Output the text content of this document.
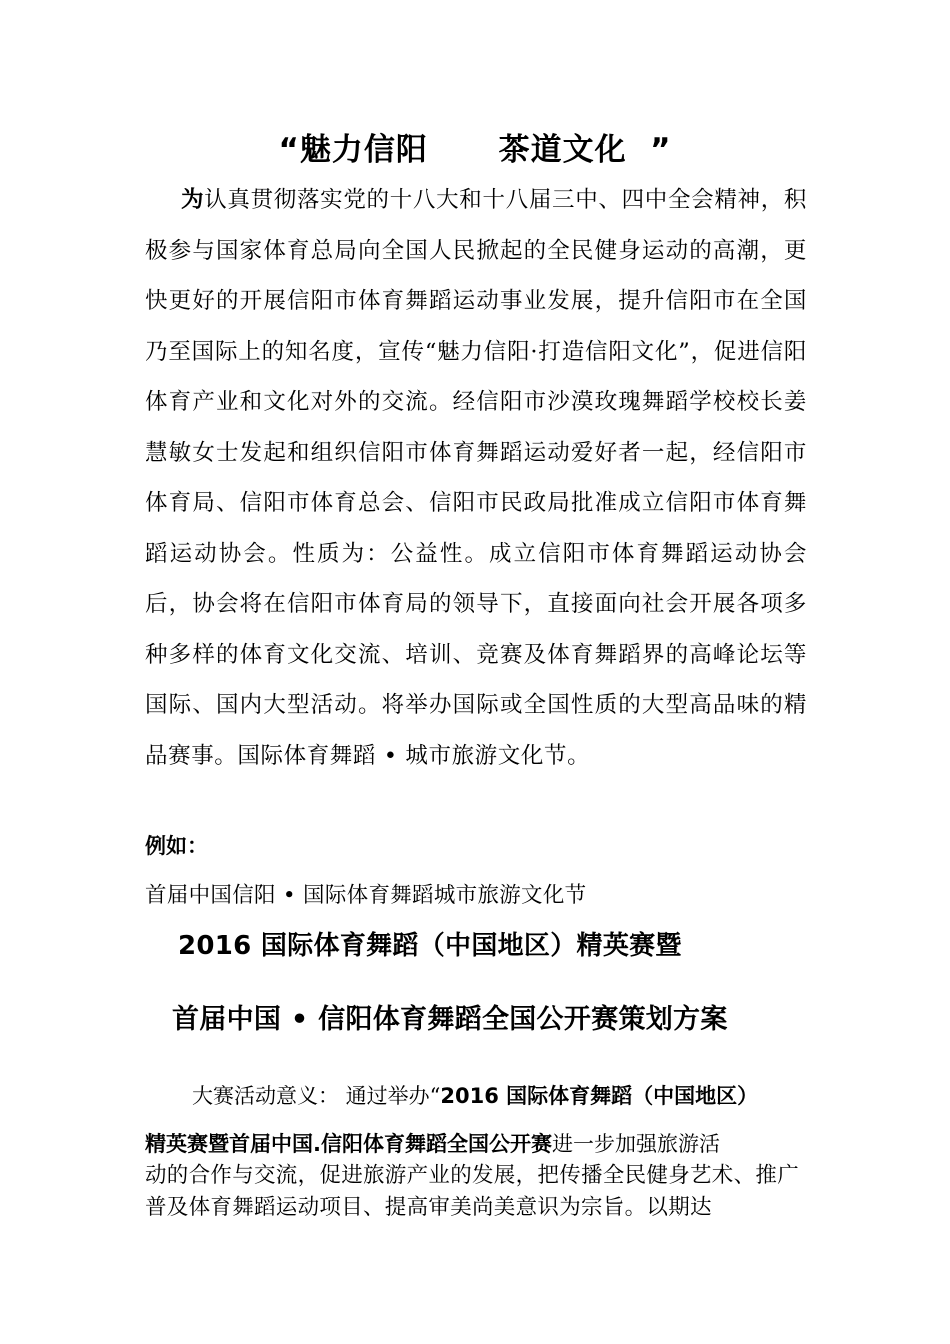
“魅力信阳      茶道文化  ”
为认真贯彻落实党的十八大和十八届三中、四中全会精神，积极参与国家体育总局向全国人民掀起的全民健身运动的高潮，更快更好的开展信阳市体育舞蹈运动事业发展，提升信阳市在全国乃至国际上的知名度，宣传“魅力信阳·打造信阳文化”，促进信阳体育产业和文化对外的交流。经信阳市沙漠玫瑰舞蹈学校校长姜慧敏女士发起和组织信阳市体育舞蹈运动爱好者一起，经信阳市体育局、信阳市体育总会、信阳市民政局批准成立信阳市体育舞蹈运动协会。性质为：公益性。成立信阳市体育舞蹈运动协会后，协会将在信阳市体育局的领导下，直接面向社会开展各项多种多样的体育文化交流、培训、竞赛及体育舞蹈界的高峰论坛等国际、国内大型活动。将举办国际或全国性质的大型高品味的精品赛事。国际体育舞蹈 • 城市旅游文化节。
例如：
首届中国信阳 • 国际体育舞蹈城市旅游文化节
2016 国际体育舞蹈（中国地区）精英赛暨
首届中国 • 信阳体育舞蹈全国公开赛策划方案
大赛活动意义： 通过举办“2016 国际体育舞蹈（中国地区）
精英赛暨首届中国.信阳体育舞蹈全国公开赛进一步加强旅游活
动的合作与交流，促进旅游产业的发展，把传播全民健身艺术、推广普及体育舞蹈运动项目、提高审美尚美意识为宗旨。以期达
